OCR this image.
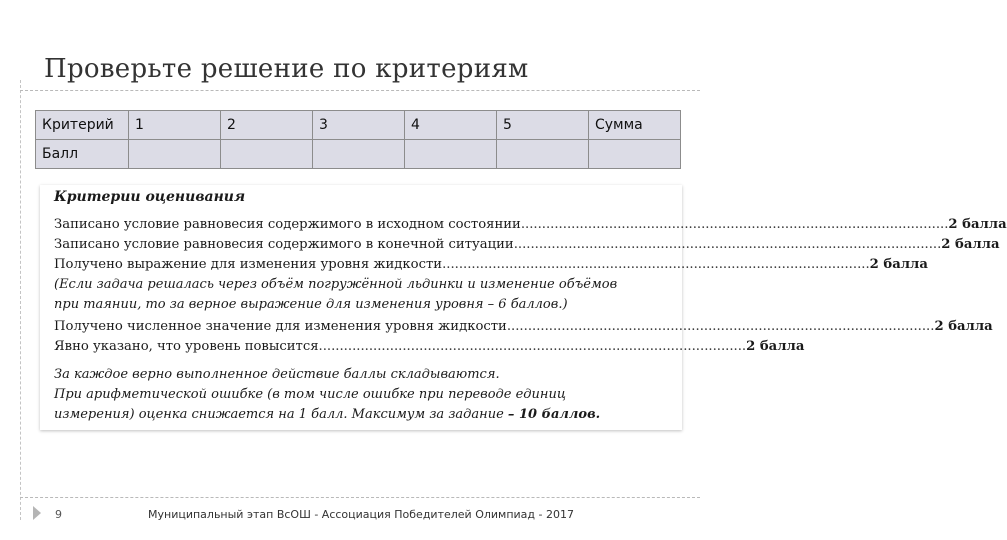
Проверьте решение по критериям
Критерий	1	2	3	4	5	Сумма
Балл						
Критерии оценивания
Записано условие равновесия содержимого в исходном состоянии ...................................................................................................... 2 балла
Записано условие равновесия содержимого в конечной ситуации ...................................................................................................... 2 балла
Получено выражение для изменения уровня жидкости ...................................................................................................... 2 балла
(Если задача решалась через объём погружённой льдинки и изменение объёмов
при таянии, то за верное выражение для изменения уровня – 6 баллов.)
Получено численное значение для изменения уровня жидкости ...................................................................................................... 2 балла
Явно указано, что уровень повысится ...................................................................................................... 2 балла
За каждое верно выполненное действие баллы складываются.
При арифметической ошибке (в том числе ошибке при переводе единиц
измерения) оценка снижается на 1 балл. Максимум за задание – 10 баллов.
9	Муниципальный этап ВсОШ - Ассоциация Победителей Олимпиад - 2017
